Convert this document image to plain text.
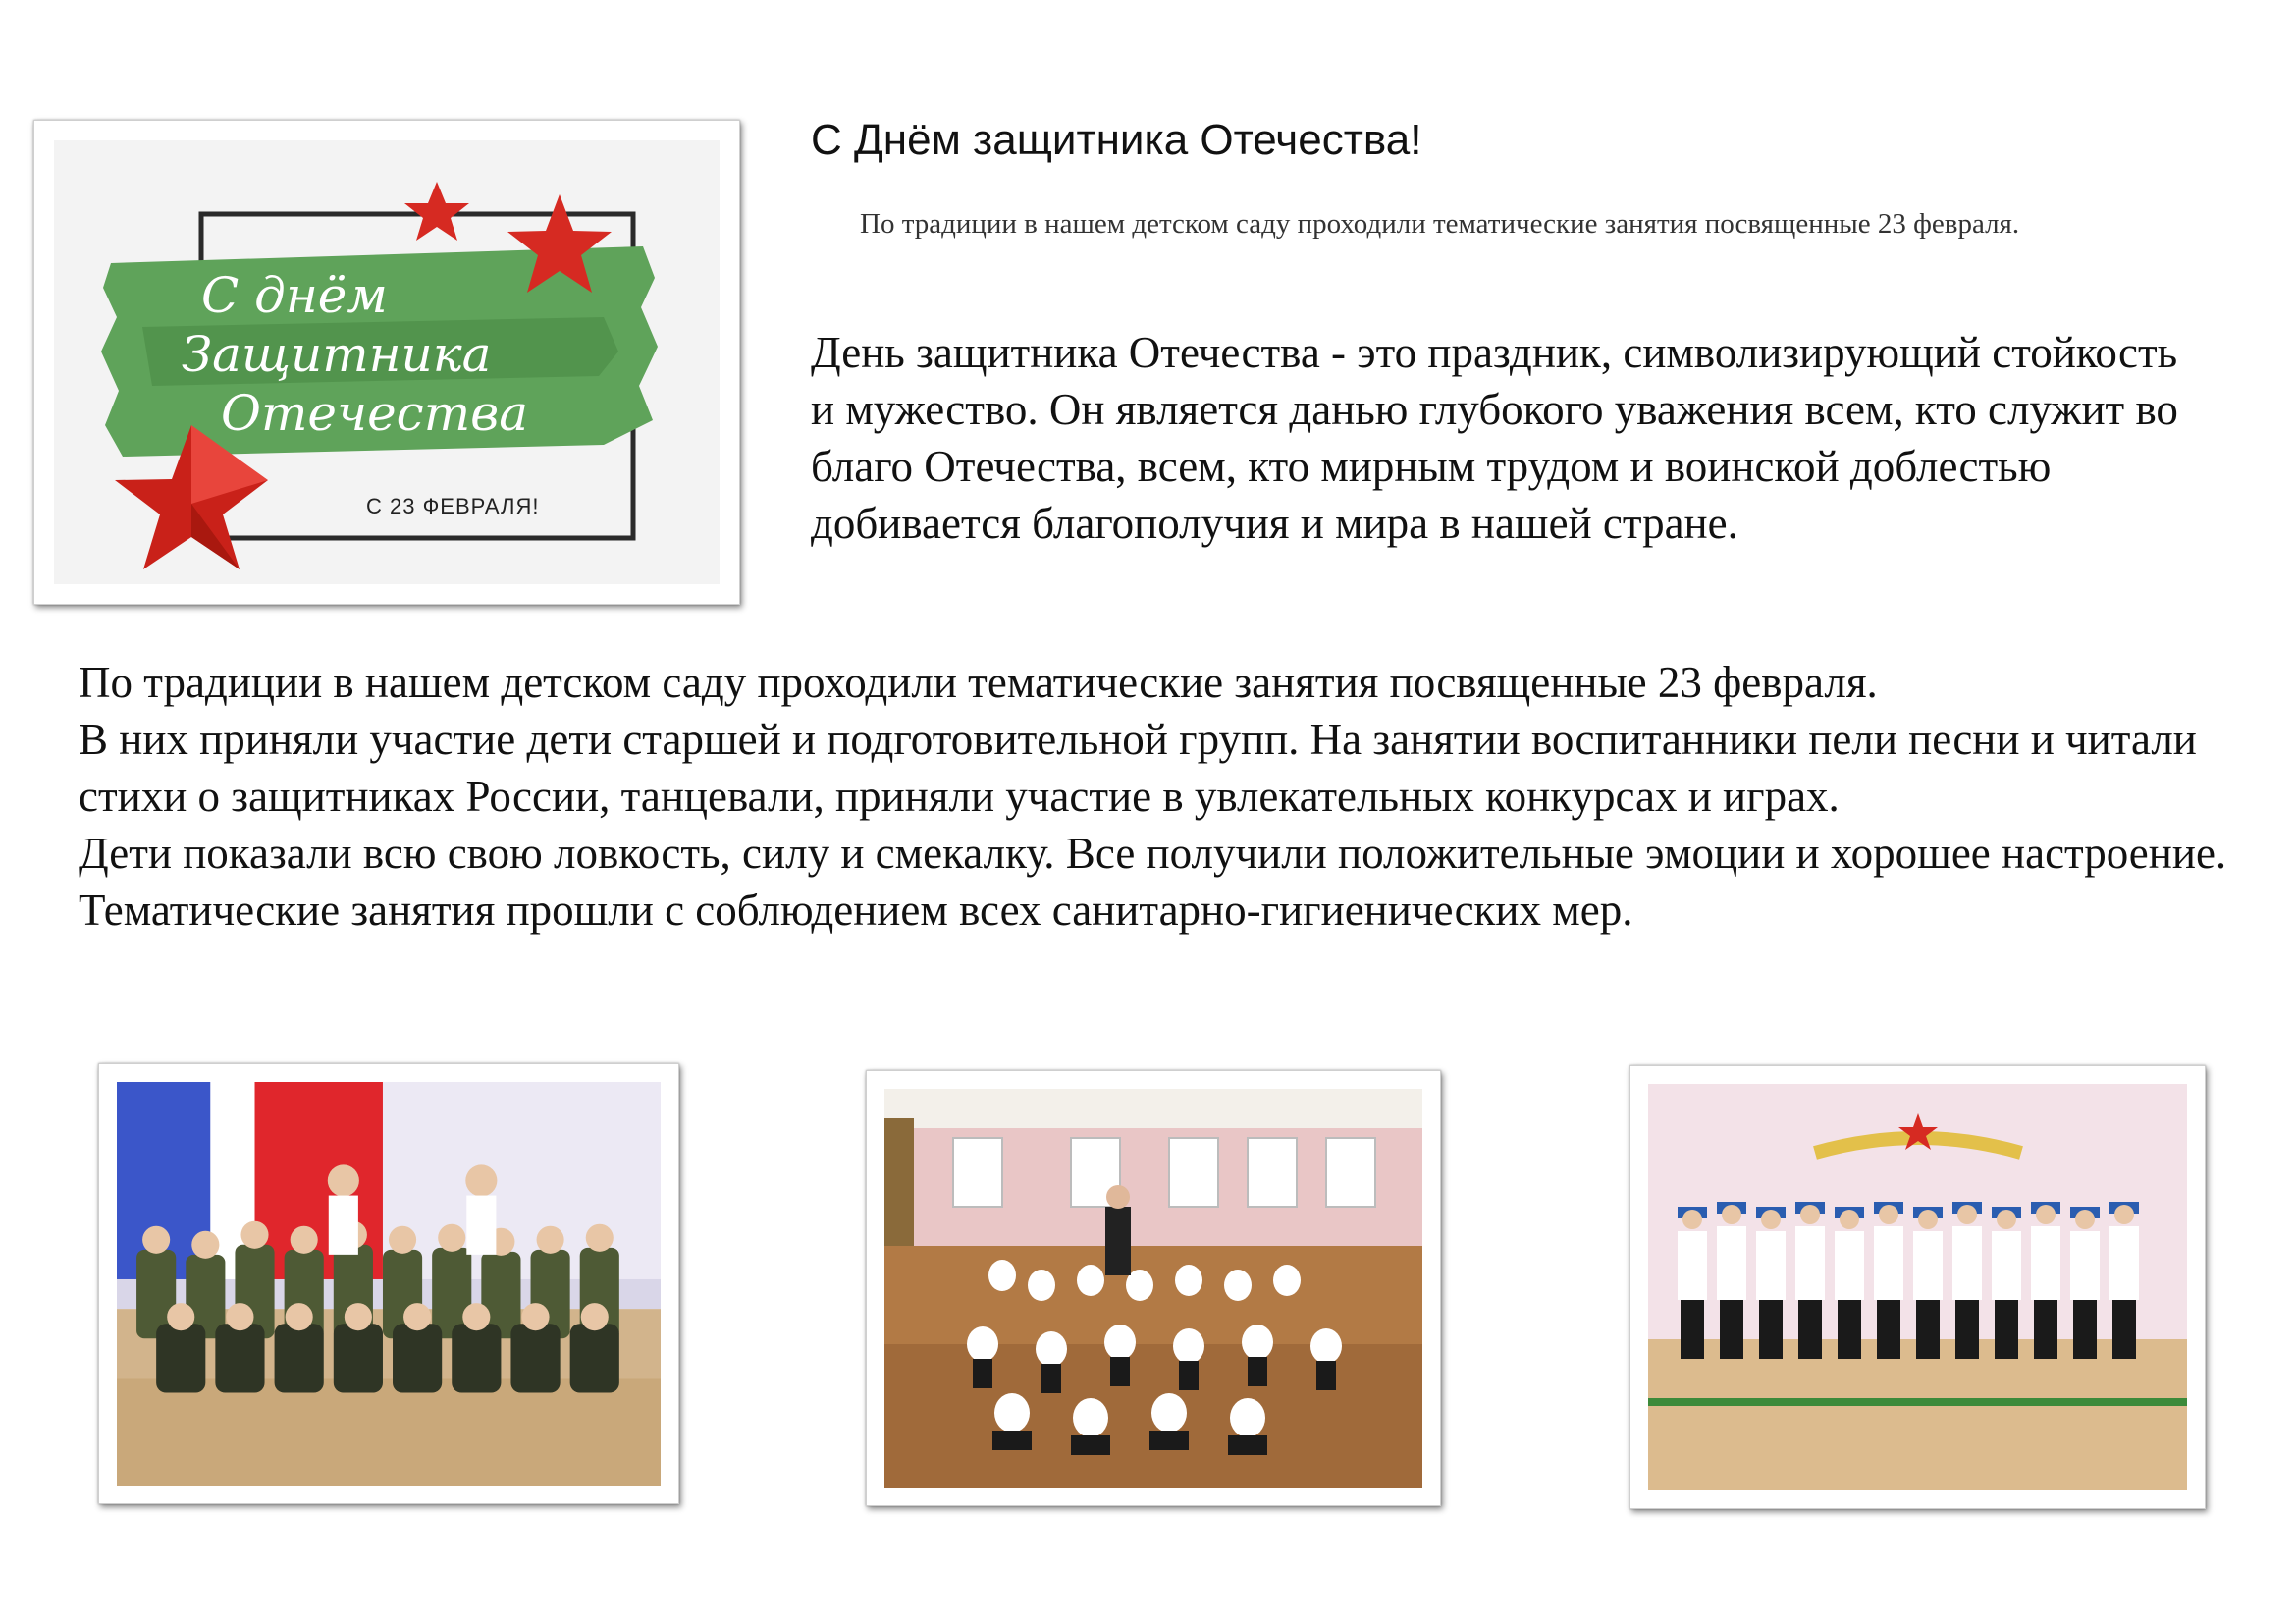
С днём
Защитника
Отечества
С 23 ФЕВРАЛЯ!
С Днём защитника Отечества!

По традиции в нашем детском саду проходили тематические занятия посвященные 23 февраля.

День защитника Отечества - это праздник, символизирующий стойкость и мужество. Он является данью глубокого уважения всем, кто служит во благо Отечества, всем, кто мирным трудом и воинской доблестью добивается благополучия и мира в нашей стране.

По традиции в нашем детском саду проходили тематические занятия посвященные 23 февраля.

В них приняли участие дети старшей и подготовительной групп. На занятии воспитанники пели песни и читали стихи о защитниках России, танцевали, приняли участие в увлекательных конкурсах и играх.

Дети показали всю свою ловкость, силу и смекалку. Все получили положительные эмоции и хорошее настроение.

Тематические занятия прошли с соблюдением всех санитарно-гигиенических мер.
